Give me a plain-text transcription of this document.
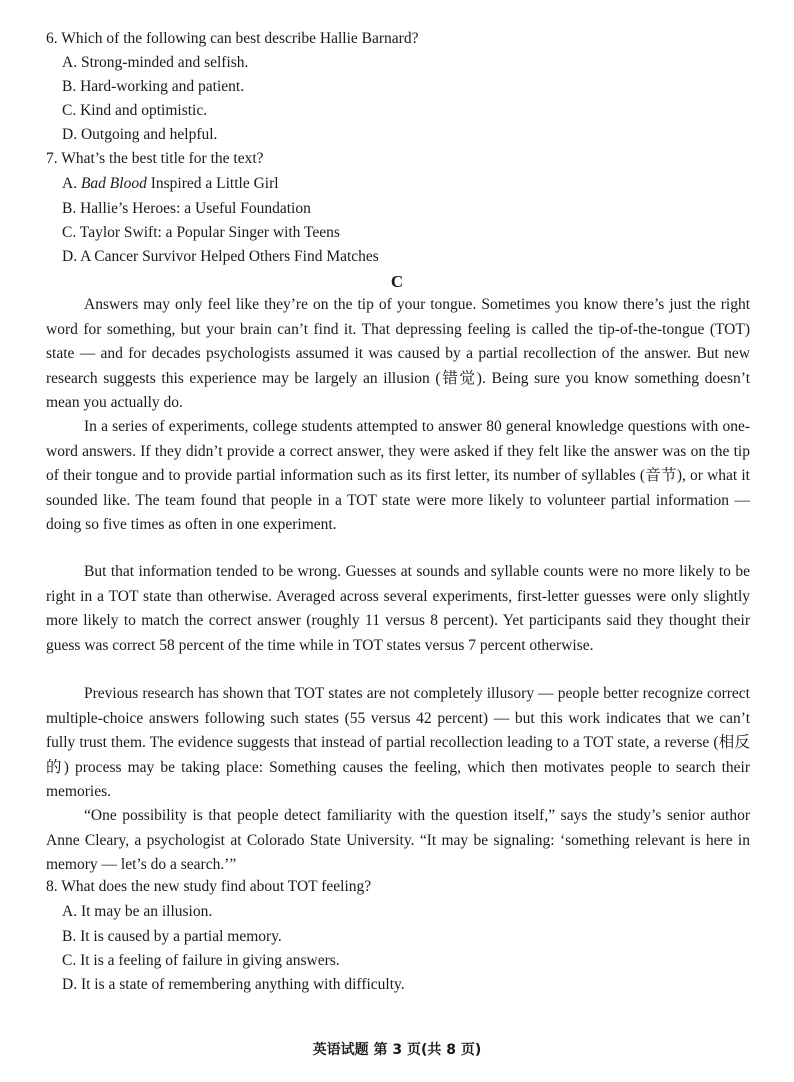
6. Which of the following can best describe Hallie Barnard?
A. Strong-minded and selfish.
B. Hard-working and patient.
C. Kind and optimistic.
D. Outgoing and helpful.
7. What’s the best title for the text?
A. Bad Blood Inspired a Little Girl
B. Hallie’s Heroes: a Useful Foundation
C. Taylor Swift: a Popular Singer with Teens
D. A Cancer Survivor Helped Others Find Matches
C

Answers may only feel like they’re on the tip of your tongue. Sometimes you know there’s just the right word for something, but your brain can’t find it. That depressing feeling is called the tip-of-the-tongue (TOT) state — and for decades psychologists assumed it was caused by a partial recollection of the answer. But new research suggests this experience may be largely an illusion (错觉). Being sure you know something doesn’t mean you actually do.

In a series of experiments, college students attempted to answer 80 general knowledge questions with one-word answers. If they didn’t provide a correct answer, they were asked if they felt like the answer was on the tip of their tongue and to provide partial information such as its first letter, its number of syllables (音节), or what it sounded like. The team found that people in a TOT state were more likely to volunteer partial information — doing so five times as often in one experiment.

But that information tended to be wrong. Guesses at sounds and syllable counts were no more likely to be right in a TOT state than otherwise. Averaged across several experiments, first-letter guesses were only slightly more likely to match the correct answer (roughly 11 versus 8 percent). Yet participants said they thought their guess was correct 58 percent of the time while in TOT states versus 7 percent otherwise.

Previous research has shown that TOT states are not completely illusory — people better recognize correct multiple-choice answers following such states (55 versus 42 percent) — but this work indicates that we can’t fully trust them. The evidence suggests that instead of partial recollection leading to a TOT state, a reverse (相反的) process may be taking place: Something causes the feeling, which then motivates people to search their memories.

“One possibility is that people detect familiarity with the question itself,” says the study’s senior author Anne Cleary, a psychologist at Colorado State University. “It may be signaling: ‘something relevant is here in memory — let’s do a search.’”

8. What does the new study find about TOT feeling?
A. It may be an illusion.
B. It is caused by a partial memory.
C. It is a feeling of failure in giving answers.
D. It is a state of remembering anything with difficulty.
英语试题 第 3 页(共 8 页)
